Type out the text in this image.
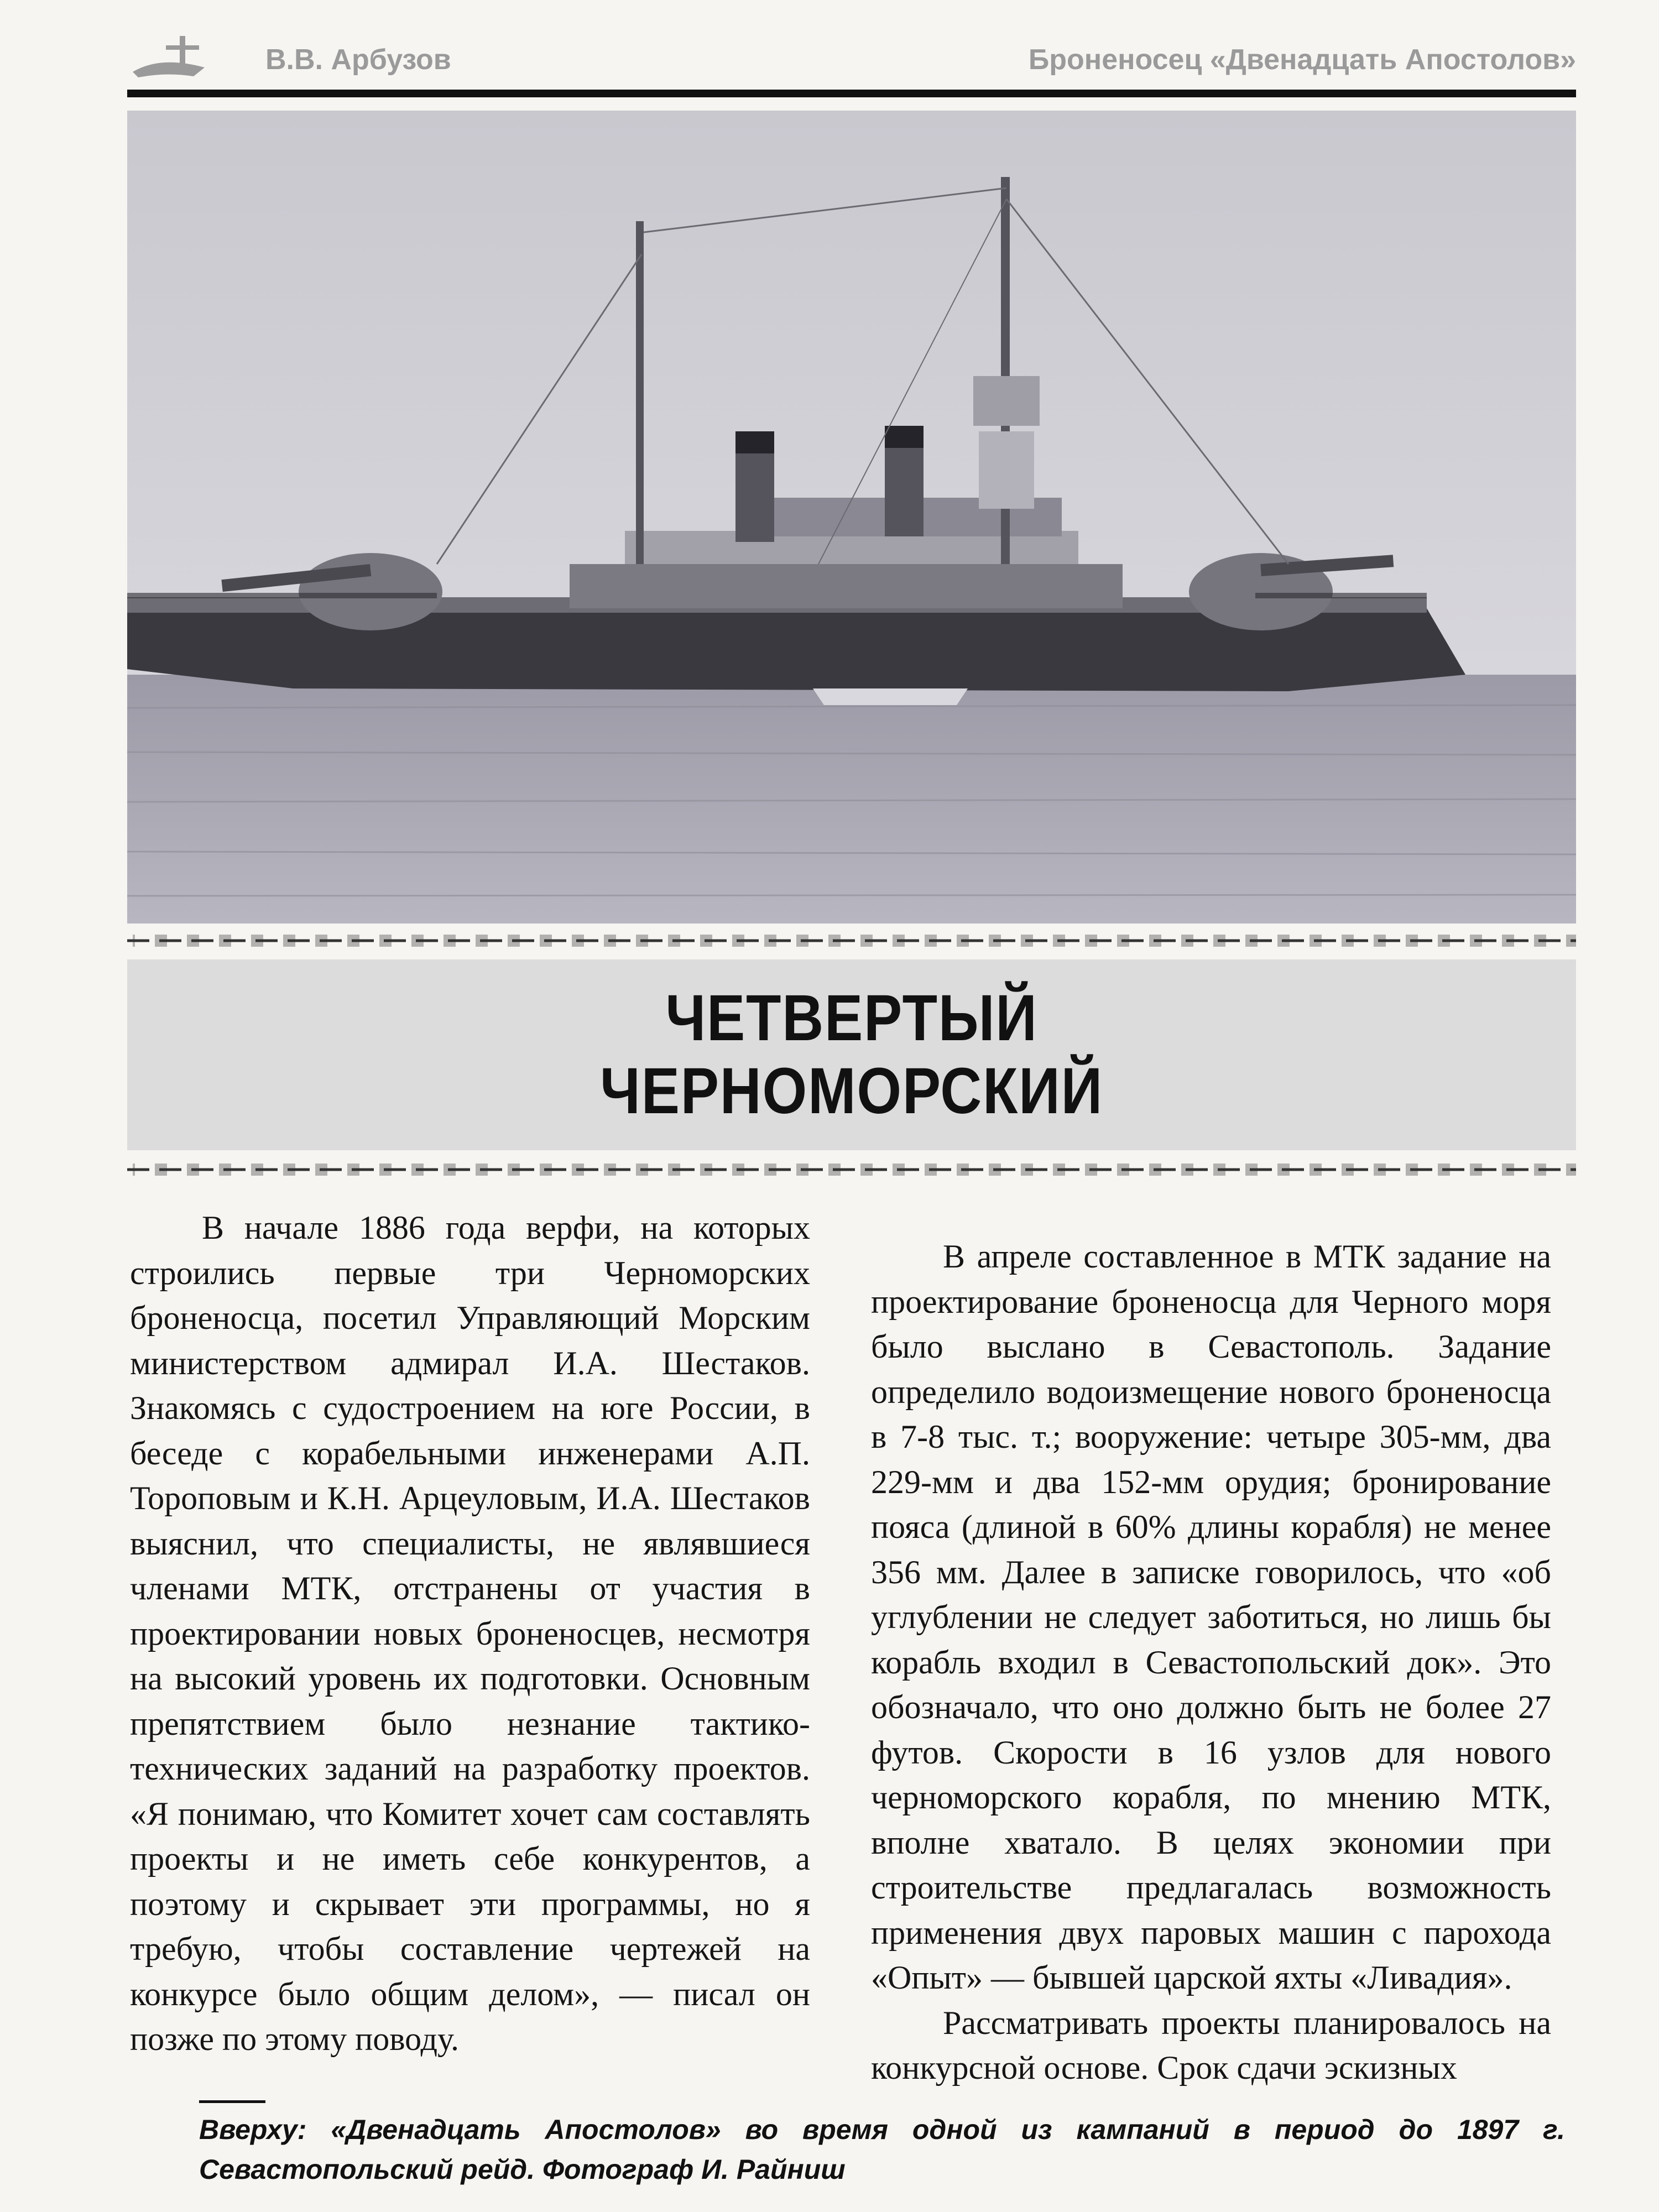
В.В. Арбузов	Броненосец «Двенадцать Апостолов»
ЧЕТВЕРТЫЙ
ЧЕРНОМОРСКИЙ

В начале 1886 года верфи, на которых строились первые три Черноморских броненосца, посетил Управляющий Морским министерством адмирал И.А. Шестаков. Знакомясь с судостроением на юге России, в беседе с корабельными инженерами А.П. Тороповым и К.Н. Арцеуловым, И.А. Шестаков выяснил, что специалисты, не являвшиеся членами МТК, отстранены от участия в проектировании новых броненосцев, несмотря на высокий уровень их подготовки. Основным препятствием было незнание тактико-технических заданий на разработку проектов. «Я понимаю, что Комитет хочет сам составлять проекты и не иметь себе конкурентов, а поэтому и скрывает эти программы, но я требую, чтобы составление чертежей на конкурсе было общим делом», — писал он позже по этому поводу.

В апреле составленное в МТК задание на проектирование броненосца для Черного моря было выслано в Севастополь. Задание определило водоизмещение нового броненосца в 7-8 тыс. т.; вооружение: четыре 305-мм, два 229-мм и два 152-мм орудия; бронирование пояса (длиной в 60% длины корабля) не менее 356 мм. Далее в записке говорилось, что «об углублении не следует заботиться, но лишь бы корабль входил в Севастопольский док». Это обозначало, что оно должно быть не более 27 футов. Скорости в 16 узлов для нового черноморского корабля, по мнению МТК, вполне хватало. В целях экономии при строительстве предлагалась возможность применения двух паровых машин с парохода «Опыт» — бывшей царской яхты «Ливадия».

Рассматривать проекты планировалось на конкурсной основе. Срок сдачи эскизных

Вверху: «Двенадцать Апостолов» во время одной из кампаний в период до 1897 г. Севастопольский рейд. Фотограф И. Райниш
